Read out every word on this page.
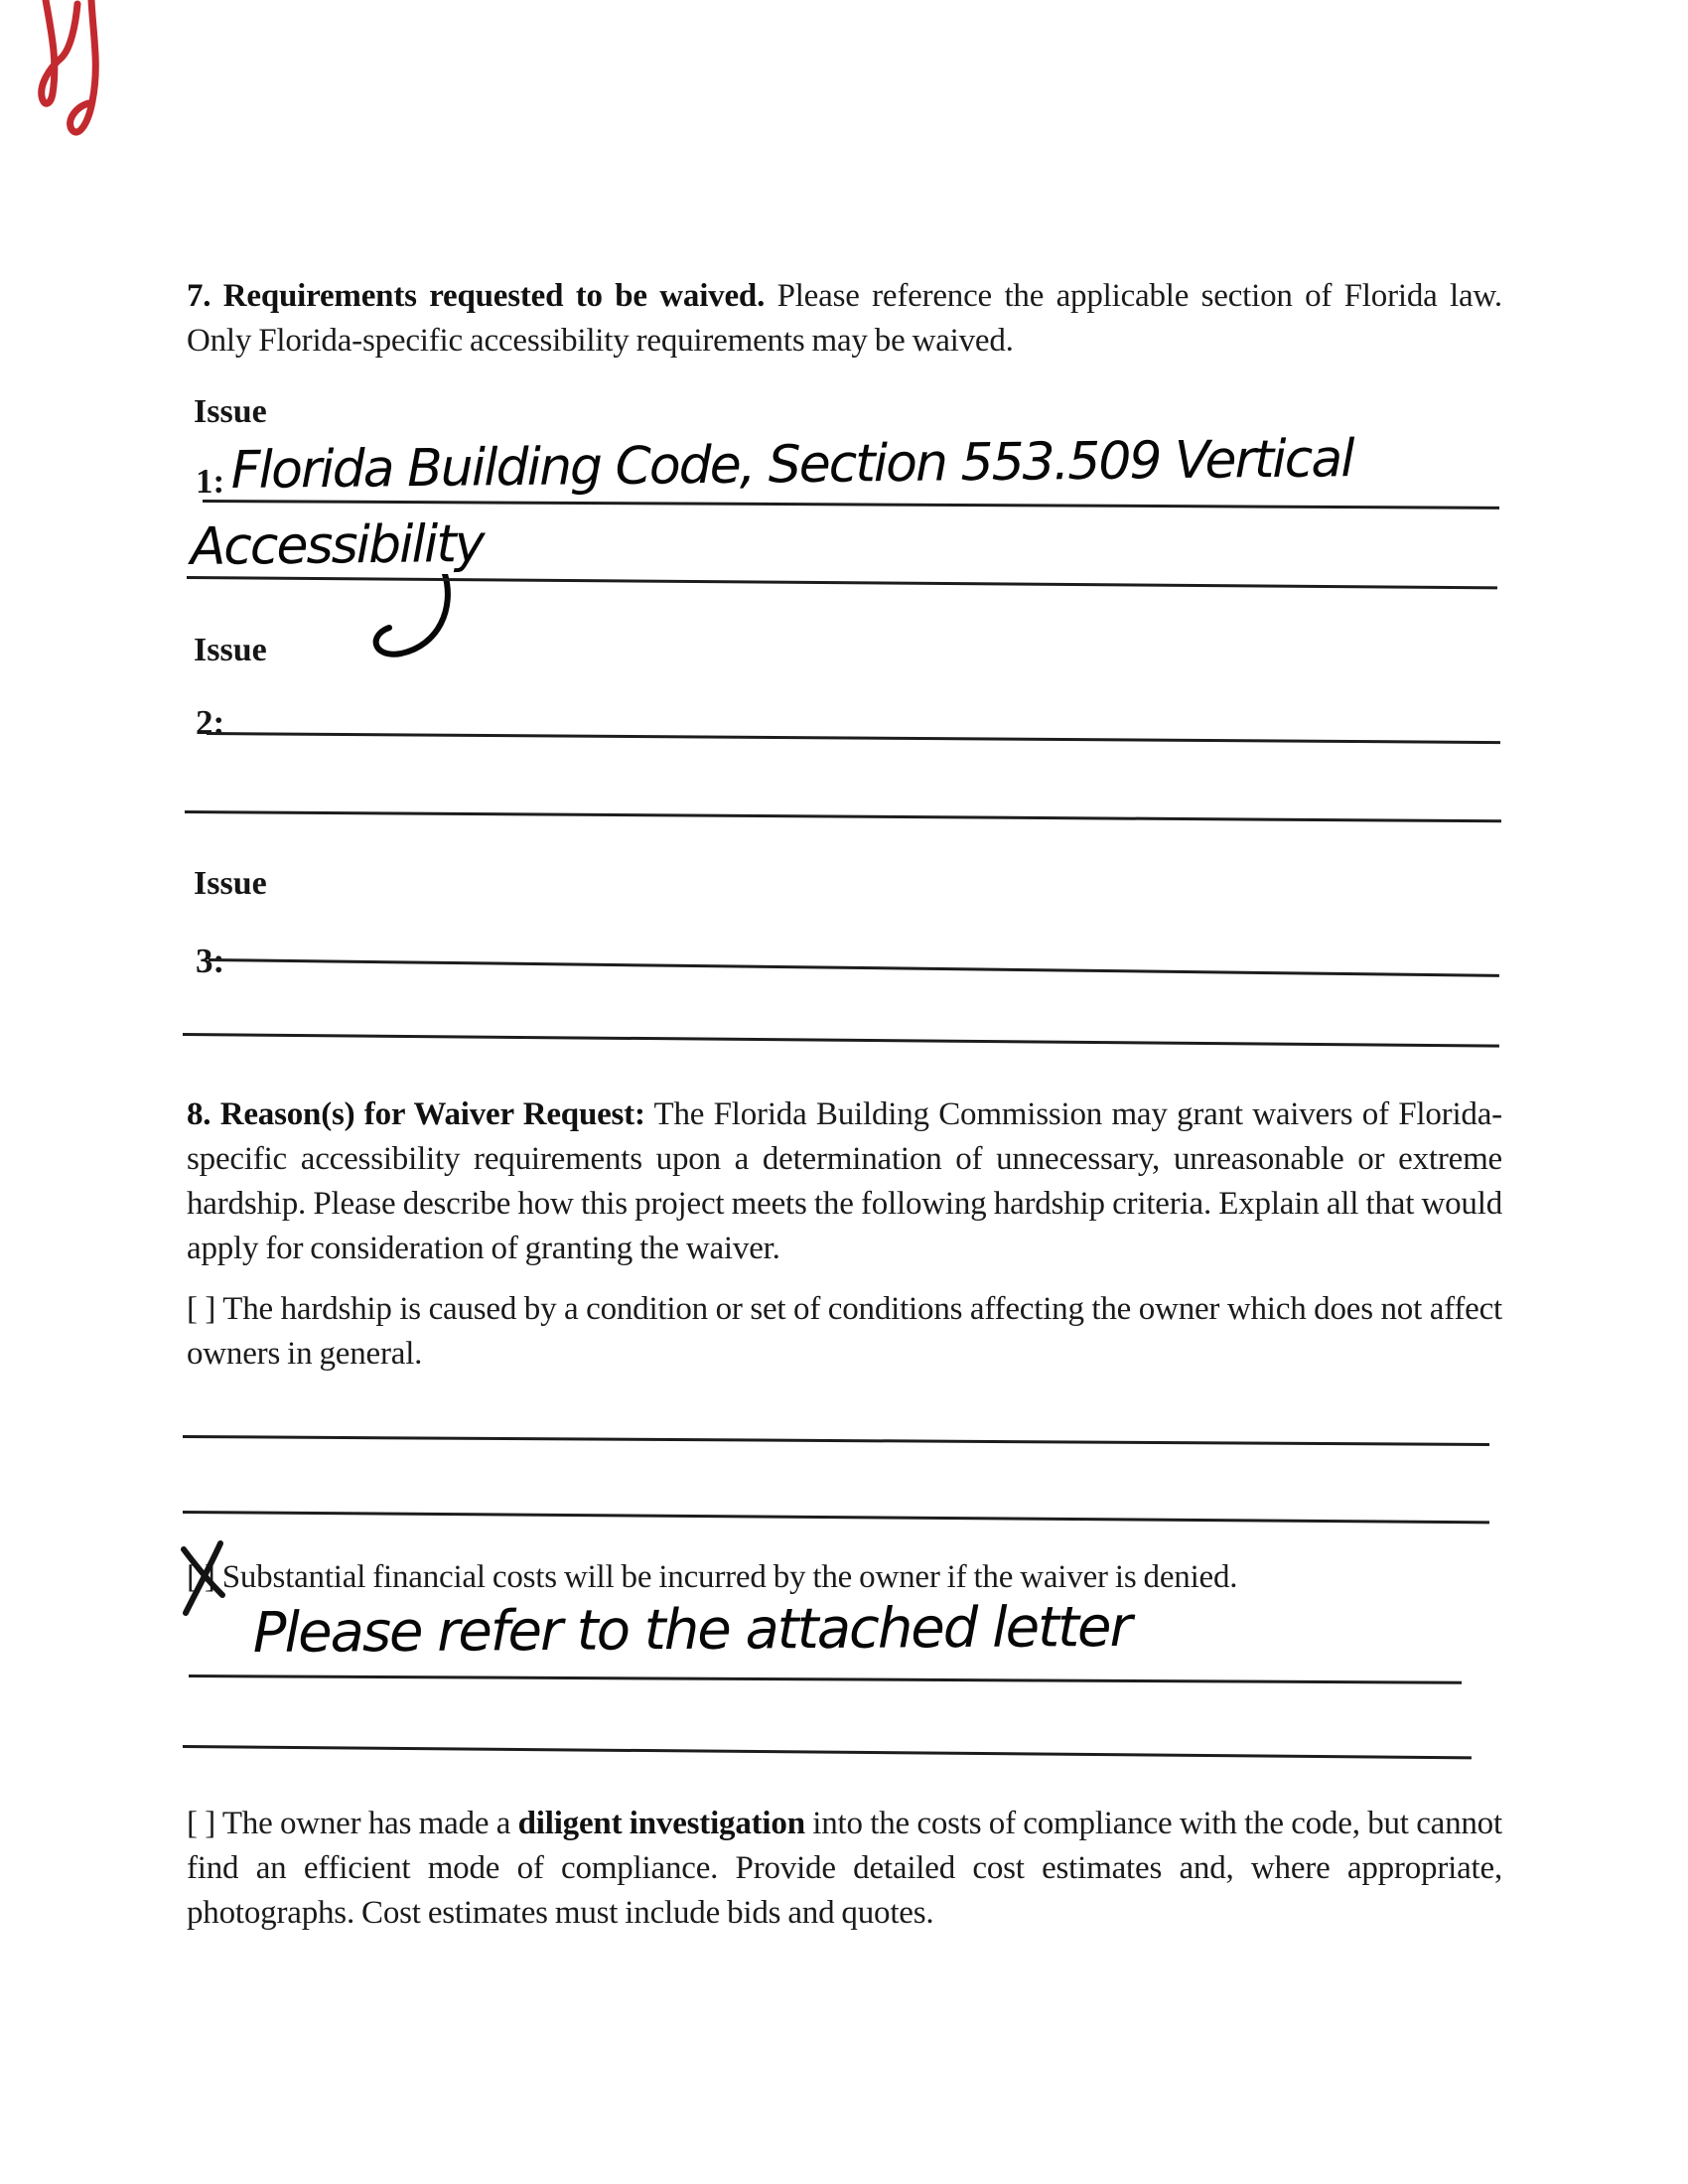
7. Requirements requested to be waived. Please reference the applicable section of Florida law. Only Florida-specific accessibility requirements may be waived.
Issue
1: Florida Building Code, Section 553.509 Vertical
Accessibility
Issue
2:
Issue
3:
8. Reason(s) for Waiver Request: The Florida Building Commission may grant waivers of Florida-specific accessibility requirements upon a determination of unnecessary, unreasonable or extreme hardship. Please describe how this project meets the following hardship criteria. Explain all that would apply for consideration of granting the waiver.
[ ] The hardship is caused by a condition or set of conditions affecting the owner which does not affect owners in general.
[ ] Substantial financial costs will be incurred by the owner if the waiver is denied.
Please refer to the attached letter
[ ] The owner has made a diligent investigation into the costs of compliance with the code, but cannot find an efficient mode of compliance. Provide detailed cost estimates and, where appropriate, photographs. Cost estimates must include bids and quotes.
